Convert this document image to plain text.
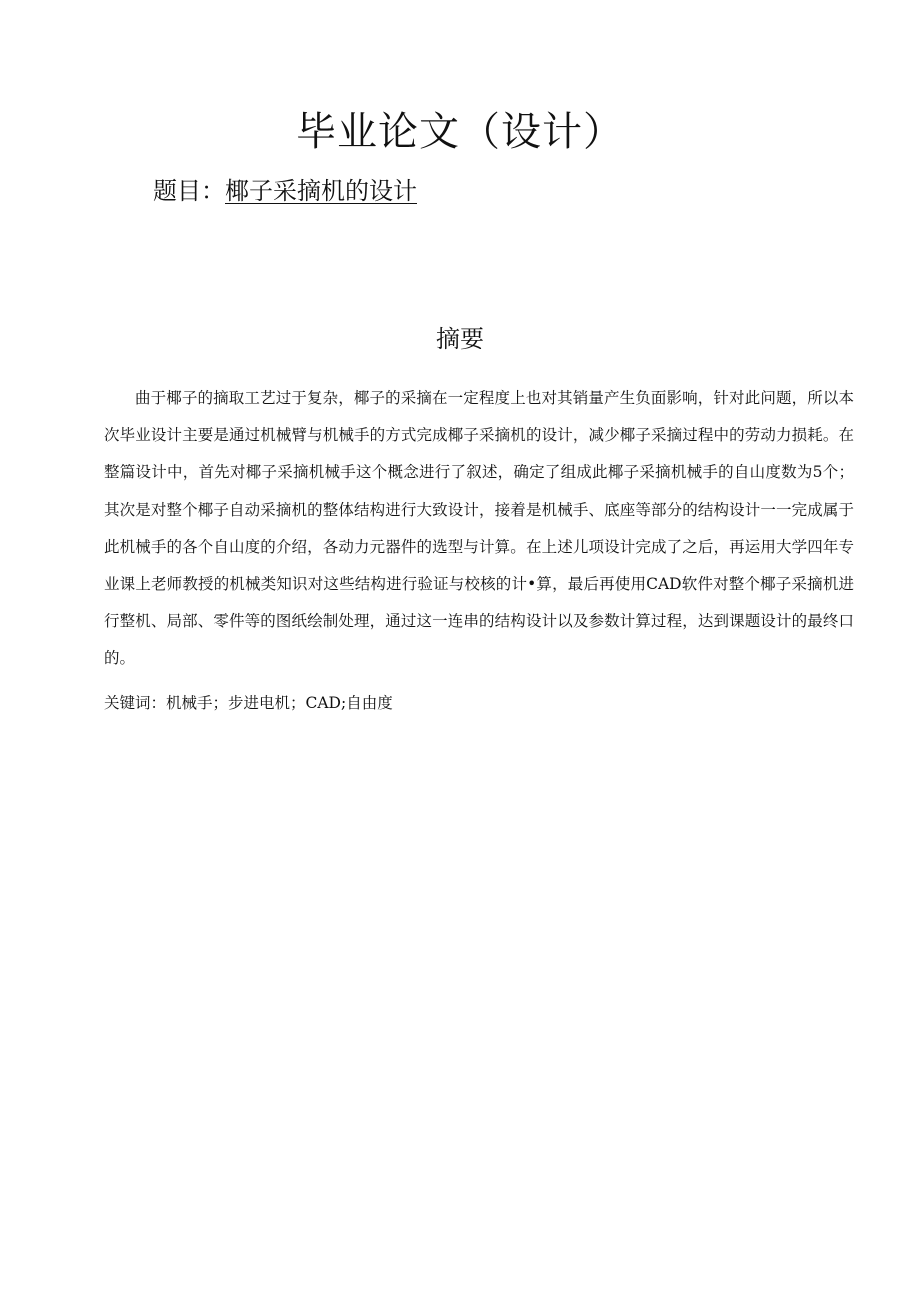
毕业论文（设计）
题目：椰子采摘机的设计
摘要

曲于椰子的摘取工艺过于复杂，椰子的采摘在一定程度上也对其销量产生负面影响，针对此问题，所以本次毕业设计主要是通过机械臂与机械手的方式完成椰子采摘机的设计，减少椰子采摘过程中的劳动力损耗。在整篇设计中，首先对椰子采摘机械手这个概念进行了叙述，确定了组成此椰子采摘机械手的自山度数为5个；其次是对整个椰子自动采摘机的整体结构进行大致设计，接着是机械手、底座等部分的结构设计一一完成属于此机械手的各个自山度的介绍，各动力元器件的选型与计算。在上述儿项设计完成了之后，再运用大学四年专业课上老师教授的机械类知识对这些结构进行验证与校核的计•算，最后再使用CAD软件对整个椰子采摘机进行整机、局部、零件等的图纸绘制处理，通过这一连串的结构设计以及参数计算过程，达到课题设计的最终口的。

关键词：机械手；步进电机；CAD;自由度
